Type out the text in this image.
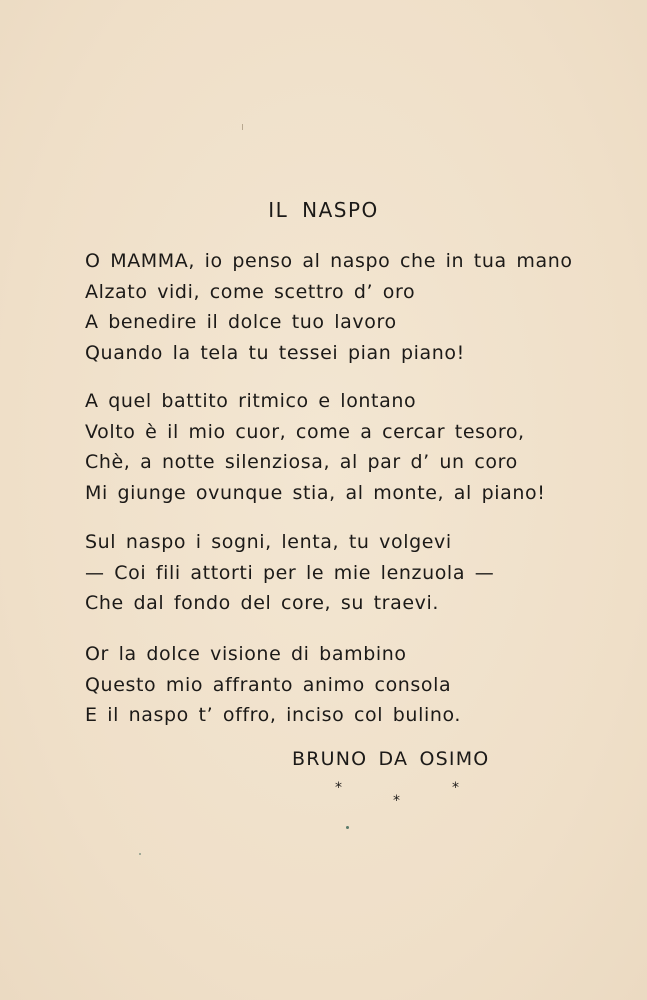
IL NASPO
O MAMMA, io penso al naspo che in tua mano
Alzato vidi, come scettro d’ oro
A benedire il dolce tuo lavoro
Quando la tela tu tessei pian piano!
A quel battito ritmico e lontano
Volto è il mio cuor, come a cercar tesoro,
Chè, a notte silenziosa, al par d’ un coro
Mi giunge ovunque stia, al monte, al piano!
Sul naspo i sogni, lenta, tu volgevi
— Coi fili attorti per le mie lenzuola —
Che dal fondo del core, su traevi.
Or la dolce visione di bambino
Questo mio affranto animo consola
E il naspo t’ offro, inciso col bulino.
BRUNO DA OSIMO
*	*
*
